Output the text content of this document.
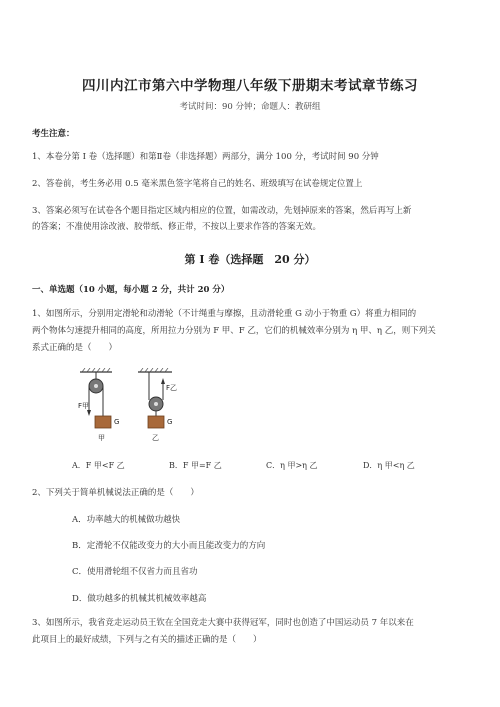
四川内江市第六中学物理八年级下册期末考试章节练习
考试时间：90 分钟；命题人：教研组
考生注意：
1、本卷分第 I 卷（选择题）和第Ⅱ卷（非选择题）两部分，满分 100 分，考试时间 90 分钟
2、答卷前，考生务必用 0.5 毫米黑色签字笔将自己的姓名、班级填写在试卷规定位置上
3、答案必须写在试卷各个题目指定区域内相应的位置，如需改动，先划掉原来的答案，然后再写上新
的答案；不准使用涂改液、胶带纸、修正带，不按以上要求作答的答案无效。
第 I 卷（选择题　20 分）
一、单选题（10 小题，每小题 2 分，共计 20 分）
1、如图所示，分别用定滑轮和动滑轮（不计绳重与摩擦，且动滑轮重 G 动小于物重 G）将重力相同的
两个物体匀速提升相同的高度，所用拉力分别为 F 甲、F 乙，它们的机械效率分别为 η 甲、η 乙，则下列关
系式正确的是（　　）
F甲
G
甲
F乙
G
乙
A．F 甲<F 乙	B．F 甲=F 乙	C．η 甲>η 乙	D．η 甲<η 乙
2、下列关于简单机械说法正确的是（　　）
A．功率越大的机械做功越快
B．定滑轮不仅能改变力的大小而且能改变力的方向
C．使用滑轮组不仅省力而且省功
D．做功越多的机械其机械效率越高
3、如图所示，我省竞走运动员王钦在全国竞走大赛中获得冠军，同时也创造了中国运动员 7 年以来在
此项目上的最好成绩，下列与之有关的描述正确的是（　　）
